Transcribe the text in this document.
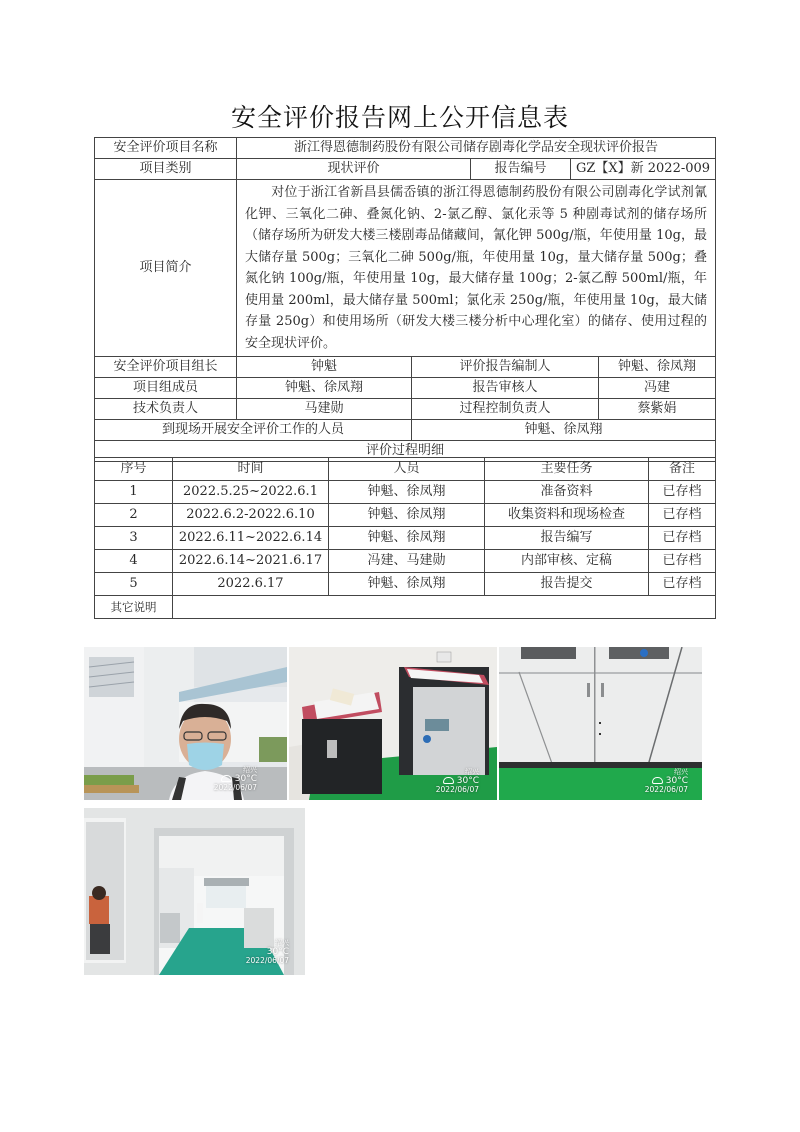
安全评价报告网上公开信息表
安全评价项目名称	浙江得恩德制药股份有限公司储存剧毒化学品安全现状评价报告				
项目类别	现状评价		报告编号	GZ【X】新 2022-009	
项目简介	对位于浙江省新昌县儒岙镇的浙江得恩德制药股份有限公司剧毒化学试剂氰化钾、三氧化二砷、叠氮化钠、2-氯乙醇、氯化汞等 5 种剧毒试剂的储存场所（储存场所为研发大楼三楼剧毒品储藏间，氰化钾 500g/瓶，年使用量 10g，最大储存量 500g；三氧化二砷 500g/瓶，年使用量 10g，量大储存量 500g；叠氮化钠 100g/瓶，年使用量 10g，最大储存量 100g；2-氯乙醇 500ml/瓶，年使用量 200ml，最大储存量 500ml；氯化汞 250g/瓶，年使用量 10g，最大储存量 250g）和使用场所（研发大楼三楼分析中心理化室）的储存、使用过程的安全现状评价。				
安全评价项目组长	钟魁	评价报告编制人			钟魁、徐凤翔
项目组成员	钟魁、徐凤翔	报告审核人			冯建
技术负责人	马建勋	过程控制负责人			蔡紫娟
到现场开展安全评价工作的人员		钟魁、徐凤翔			
评价过程明细					
序号	时间	人员	主要任务	备注
1	2022.5.25~2022.6.1	钟魁、徐凤翔	准备资料	已存档
2	2022.6.2-2022.6.10	钟魁、徐凤翔	收集资料和现场检查	已存档
3	2022.6.11~2022.6.14	钟魁、徐凤翔	报告编写	已存档
4	2022.6.14~2021.6.17	冯建、马建勋	内部审核、定稿	已存档
5	2022.6.17	钟魁、徐凤翔	报告提交	已存档
其它说明				
绍兴
30°C
2022/06/07
绍兴
30°C
2022/06/07
绍兴
30°C
2022/06/07
绍兴
30°C
2022/06/07
